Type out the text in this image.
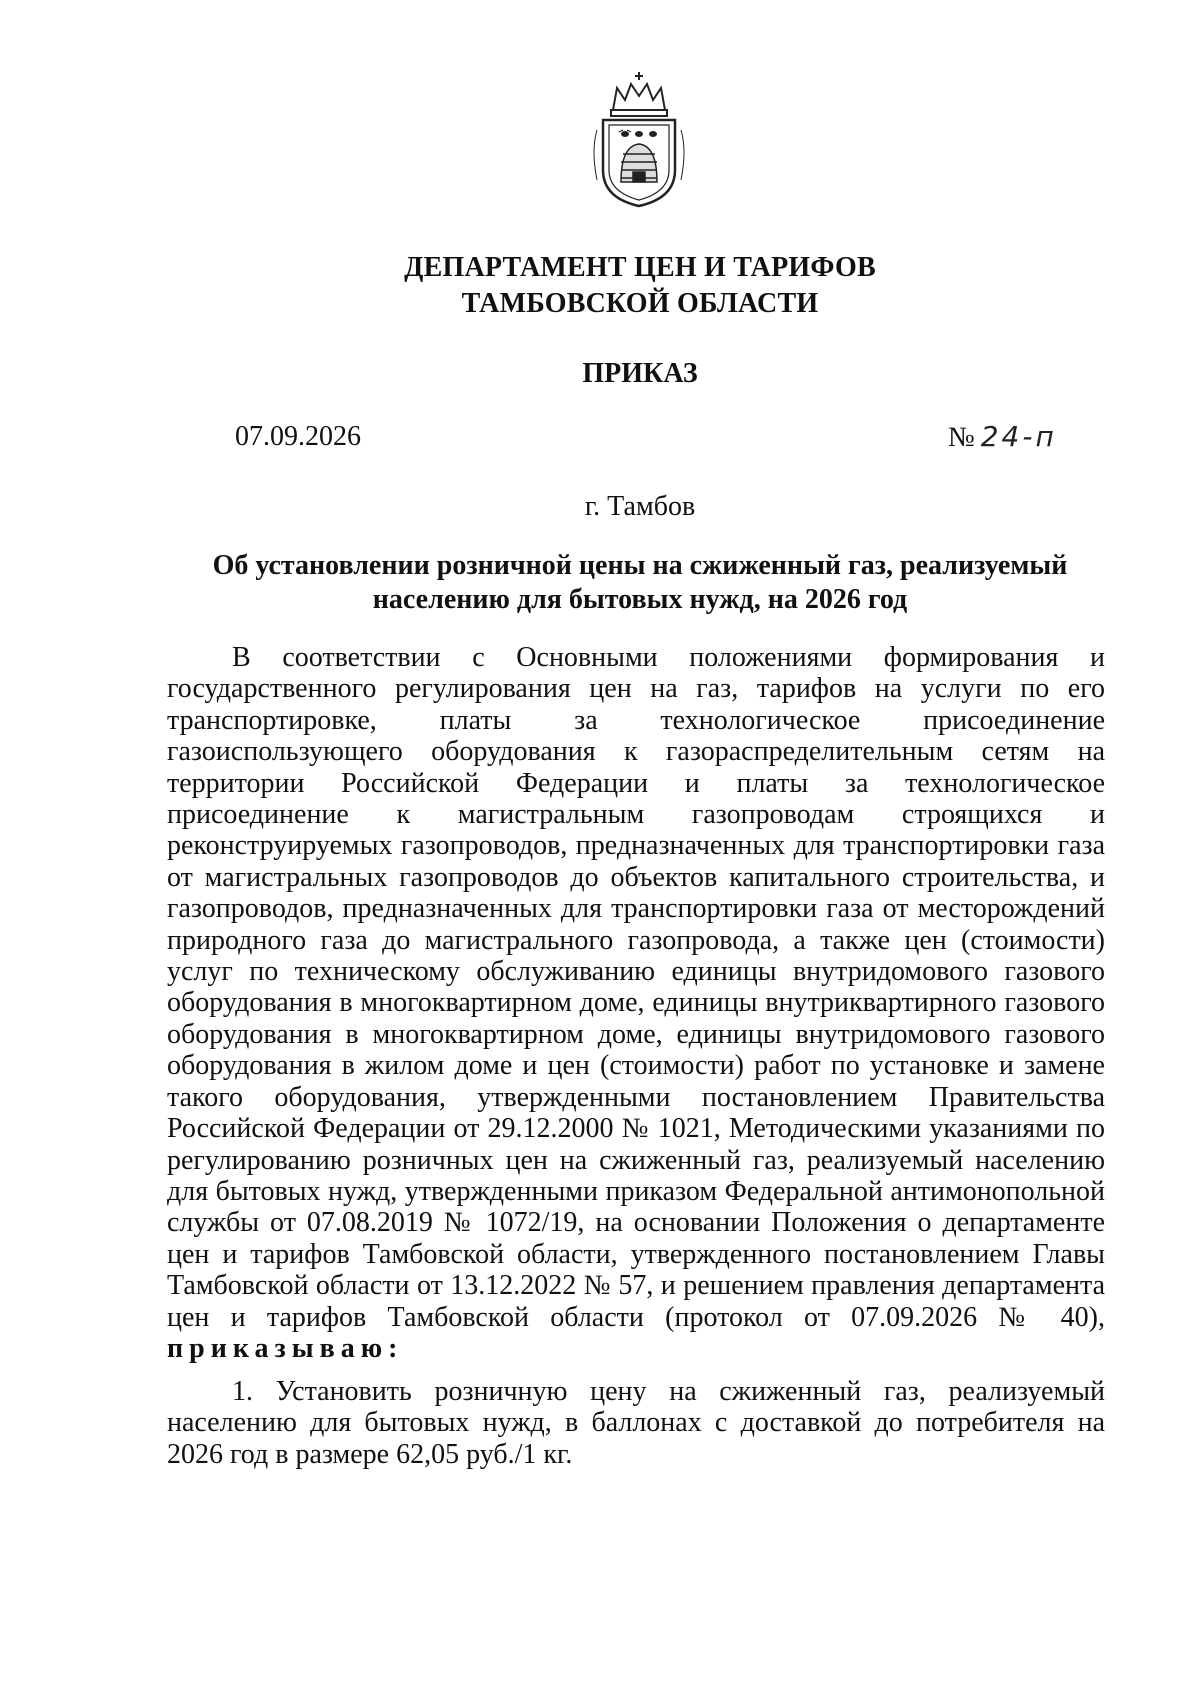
ДЕПАРТАМЕНТ ЦЕН И ТАРИФОВ
ТАМБОВСКОЙ ОБЛАСТИ
ПРИКАЗ
07.09.2026	№ 24-п
г. Тамбов
Об установлении розничной цены на сжиженный газ, реализуемый населению для бытовых нужд, на 2026 год

В соответствии с Основными положениями формирования и государственного регулирования цен на газ, тарифов на услуги по его транспортировке, платы за технологическое присоединение газоиспользующего оборудования к газораспределительным сетям на территории Российской Федерации и платы за технологическое присоединение к магистральным газопроводам строящихся и реконструируемых газопроводов, предназначенных для транспортировки газа от магистральных газопроводов до объектов капитального строительства, и газопроводов, предназначенных для транспортировки газа от месторождений природного газа до магистрального газопровода, а также цен (стоимости) услуг по техническому обслуживанию единицы внутридомового газового оборудования в многоквартирном доме, единицы внутриквартирного газового оборудования в многоквартирном доме, единицы внутридомового газового оборудования в жилом доме и цен (стоимости) работ по установке и замене такого оборудования, утвержденными постановлением Правительства Российской Федерации от 29.12.2000 № 1021, Методическими указаниями по регулированию розничных цен на сжиженный газ, реализуемый населению для бытовых нужд, утвержденными приказом Федеральной антимонопольной службы от 07.08.2019 № 1072/19, на основании Положения о департаменте цен и тарифов Тамбовской области, утвержденного постановлением Главы Тамбовской области от 13.12.2022 № 57, и решением правления департамента цен и тарифов Тамбовской области (протокол от 07.09.2026 № 40), приказываю:

1. Установить розничную цену на сжиженный газ, реализуемый населению для бытовых нужд, в баллонах с доставкой до потребителя на 2026 год в размере 62,05 руб./1 кг.
